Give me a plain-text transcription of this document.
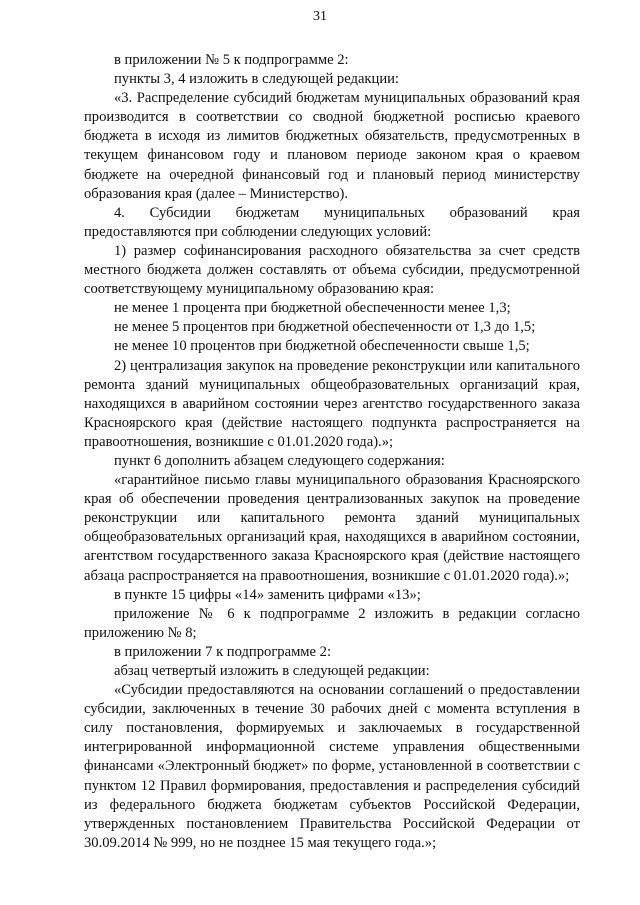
31

в приложении № 5 к подпрограмме 2:

пункты 3, 4 изложить в следующей редакции:

«3. Распределение субсидий бюджетам муниципальных образований края производится в соответствии со сводной бюджетной росписью краевого бюджета в исходя из лимитов бюджетных обязательств, предусмотренных в текущем финансовом году и плановом периоде законом края о краевом бюджете на очередной финансовый год и плановый период министерству образования края (далее – Министерство).

4. Субсидии бюджетам муниципальных образований края предоставляются при соблюдении следующих условий:

1) размер софинансирования расходного обязательства за счет средств местного бюджета должен составлять от объема субсидии, предусмотренной соответствующему муниципальному образованию края:

не менее 1 процента при бюджетной обеспеченности менее 1,3;

не менее 5 процентов при бюджетной обеспеченности от 1,3 до 1,5;

не менее 10 процентов при бюджетной обеспеченности свыше 1,5;

2) централизация закупок на проведение реконструкции или капитального ремонта зданий муниципальных общеобразовательных организаций края, находящихся в аварийном состоянии через агентство государственного заказа Красноярского края (действие настоящего подпункта распространяется на правоотношения, возникшие с 01.01.2020 года).»;

пункт 6 дополнить абзацем следующего содержания:

«гарантийное письмо главы муниципального образования Красноярского края об обеспечении проведения централизованных закупок на проведение реконструкции или капитального ремонта зданий муниципальных общеобразовательных организаций края, находящихся в аварийном состоянии, агентством государственного заказа Красноярского края (действие настоящего абзаца распространяется на правоотношения, возникшие с 01.01.2020 года).»;

в пункте 15 цифры «14» заменить цифрами «13»;

приложение № 6 к подпрограмме 2 изложить в редакции согласно приложению № 8;

в приложении 7 к подпрограмме 2:

абзац четвертый изложить в следующей редакции:

«Субсидии предоставляются на основании соглашений о предоставлении субсидии, заключенных в течение 30 рабочих дней с момента вступления в силу постановления, формируемых и заключаемых в государственной интегрированной информационной системе управления общественными финансами «Электронный бюджет» по форме, установленной в соответствии с пунктом 12 Правил формирования, предоставления и распределения субсидий из федерального бюджета бюджетам субъектов Российской Федерации, утвержденных постановлением Правительства Российской Федерации от 30.09.2014 № 999, но не позднее 15 мая текущего года.»;
